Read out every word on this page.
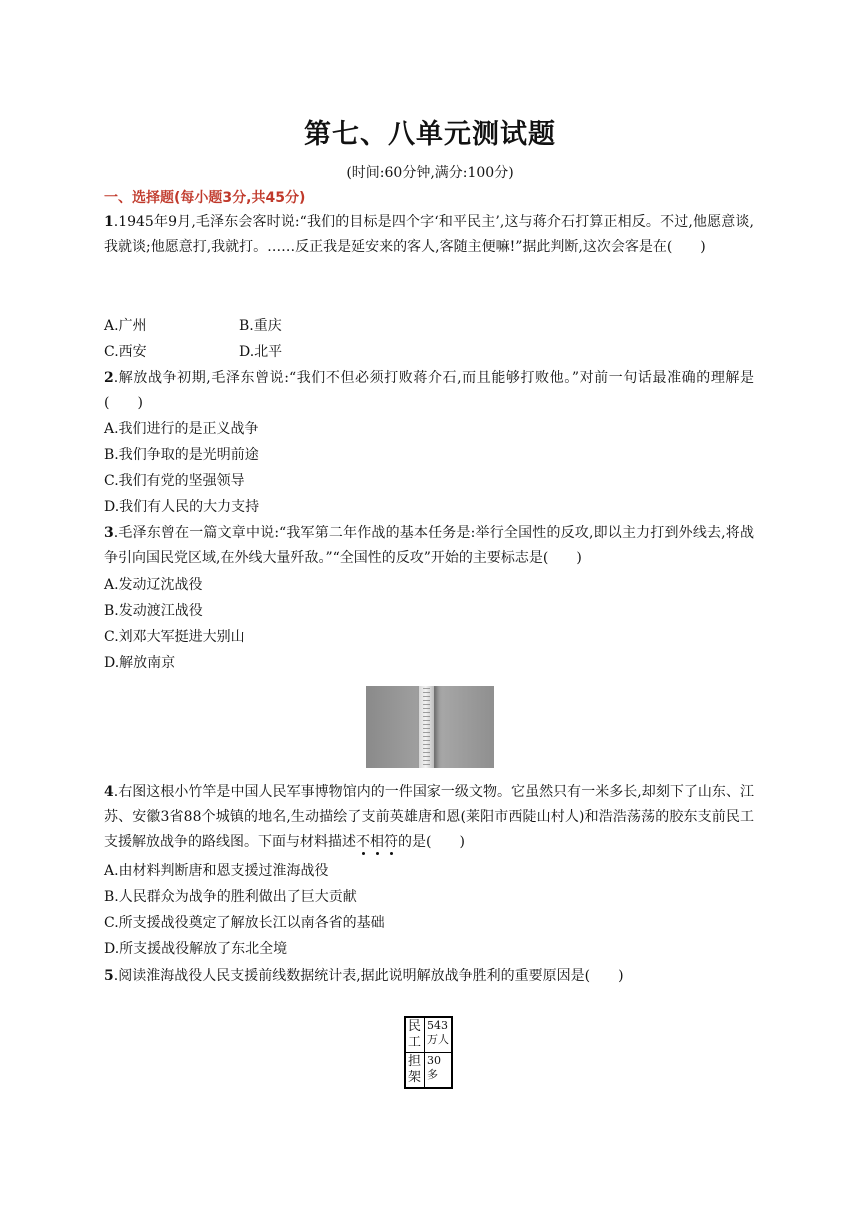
第七、八单元测试题
(时间:60分钟,满分:100分)
一、选择题(每小题3分,共45分)
1.1945年9月,毛泽东会客时说:“我们的目标是四个字‘和平民主’,这与蒋介石打算正相反。不过,他愿意谈,我就谈;他愿意打,我就打。……反正我是延安来的客人,客随主便嘛!”据此判断,这次会客是在(　　)
A.广州	B.重庆
C.西安	D.北平
2.解放战争初期,毛泽东曾说:“我们不但必须打败蒋介石,而且能够打败他。”对前一句话最准确的理解是(　　)
A.我们进行的是正义战争
B.我们争取的是光明前途
C.我们有党的坚强领导
D.我们有人民的大力支持
3.毛泽东曾在一篇文章中说:“我军第二年作战的基本任务是:举行全国性的反攻,即以主力打到外线去,将战争引向国民党区域,在外线大量歼敌。”“全国性的反攻”开始的主要标志是(　　)
A.发动辽沈战役
B.发动渡江战役
C.刘邓大军挺进大别山
D.解放南京
4.右图这根小竹竿是中国人民军事博物馆内的一件国家一级文物。它虽然只有一米多长,却刻下了山东、江苏、安徽3省88个城镇的地名,生动描绘了支前英雄唐和恩(莱阳市西陡山村人)和浩浩荡荡的胶东支前民工支援解放战争的路线图。下面与材料描述不相符的是(　　)
A.由材料判断唐和恩支援过淮海战役
B.人民群众为战争的胜利做出了巨大贡献
C.所支援战役奠定了解放长江以南各省的基础
D.所支援战役解放了东北全境
5.阅读淮海战役人民支援前线数据统计表,据此说明解放战争胜利的重要原因是(　　)
民工	543万人
担架	30多
